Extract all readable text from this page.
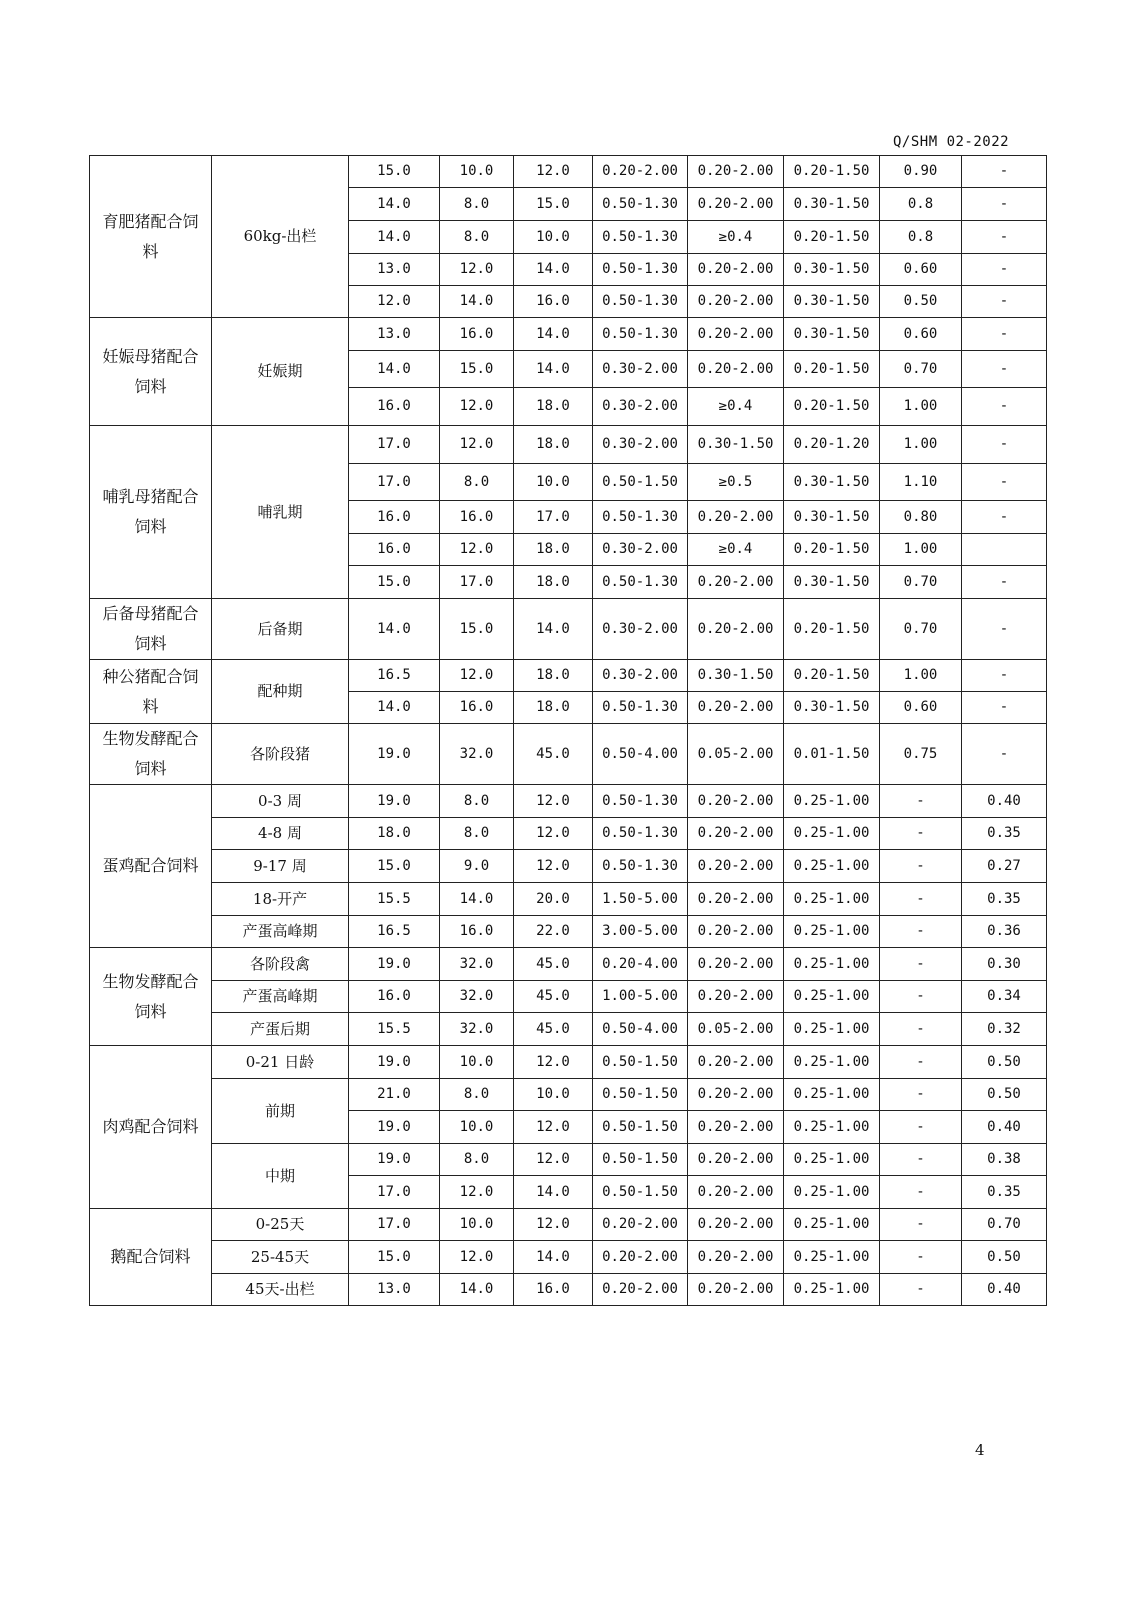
Q/SHM 02-2022
育肥猪配合饲料	60kg-出栏	15.0	10.0	12.0	0.20-2.00	0.20-2.00	0.20-1.50	0.90	-
		14.0	8.0	15.0	0.50-1.30	0.20-2.00	0.30-1.50	0.8	-
		14.0	8.0	10.0	0.50-1.30	≥0.4	0.20-1.50	0.8	-
		13.0	12.0	14.0	0.50-1.30	0.20-2.00	0.30-1.50	0.60	-
		12.0	14.0	16.0	0.50-1.30	0.20-2.00	0.30-1.50	0.50	-
妊娠母猪配合饲料	妊娠期	13.0	16.0	14.0	0.50-1.30	0.20-2.00	0.30-1.50	0.60	-
		14.0	15.0	14.0	0.30-2.00	0.20-2.00	0.20-1.50	0.70	-
		16.0	12.0	18.0	0.30-2.00	≥0.4	0.20-1.50	1.00	-
哺乳母猪配合饲料	哺乳期	17.0	12.0	18.0	0.30-2.00	0.30-1.50	0.20-1.20	1.00	-
		17.0	8.0	10.0	0.50-1.50	≥0.5	0.30-1.50	1.10	-
		16.0	16.0	17.0	0.50-1.30	0.20-2.00	0.30-1.50	0.80	-
		16.0	12.0	18.0	0.30-2.00	≥0.4	0.20-1.50	1.00	
		15.0	17.0	18.0	0.50-1.30	0.20-2.00	0.30-1.50	0.70	-
后备母猪配合饲料	后备期	14.0	15.0	14.0	0.30-2.00	0.20-2.00	0.20-1.50	0.70	-
种公猪配合饲料	配种期	16.5	12.0	18.0	0.30-2.00	0.30-1.50	0.20-1.50	1.00	-
		14.0	16.0	18.0	0.50-1.30	0.20-2.00	0.30-1.50	0.60	-
生物发酵配合饲料	各阶段猪	19.0	32.0	45.0	0.50-4.00	0.05-2.00	0.01-1.50	0.75	-
蛋鸡配合饲料	0-3 周	19.0	8.0	12.0	0.50-1.30	0.20-2.00	0.25-1.00	-	0.40
	4-8 周	18.0	8.0	12.0	0.50-1.30	0.20-2.00	0.25-1.00	-	0.35
	9-17 周	15.0	9.0	12.0	0.50-1.30	0.20-2.00	0.25-1.00	-	0.27
	18-开产	15.5	14.0	20.0	1.50-5.00	0.20-2.00	0.25-1.00	-	0.35
	产蛋高峰期	16.5	16.0	22.0	3.00-5.00	0.20-2.00	0.25-1.00	-	0.36
生物发酵配合饲料	各阶段禽	19.0	32.0	45.0	0.20-4.00	0.20-2.00	0.25-1.00	-	0.30
	产蛋高峰期	16.0	32.0	45.0	1.00-5.00	0.20-2.00	0.25-1.00	-	0.34
	产蛋后期	15.5	32.0	45.0	0.50-4.00	0.05-2.00	0.25-1.00	-	0.32
肉鸡配合饲料	0-21 日龄	19.0	10.0	12.0	0.50-1.50	0.20-2.00	0.25-1.00	-	0.50
	前期	21.0	8.0	10.0	0.50-1.50	0.20-2.00	0.25-1.00	-	0.50
		19.0	10.0	12.0	0.50-1.50	0.20-2.00	0.25-1.00	-	0.40
	中期	19.0	8.0	12.0	0.50-1.50	0.20-2.00	0.25-1.00	-	0.38
		17.0	12.0	14.0	0.50-1.50	0.20-2.00	0.25-1.00	-	0.35
鹅配合饲料	0-25天	17.0	10.0	12.0	0.20-2.00	0.20-2.00	0.25-1.00	-	0.70
	25-45天	15.0	12.0	14.0	0.20-2.00	0.20-2.00	0.25-1.00	-	0.50
	45天-出栏	13.0	14.0	16.0	0.20-2.00	0.20-2.00	0.25-1.00	-	0.40
4
